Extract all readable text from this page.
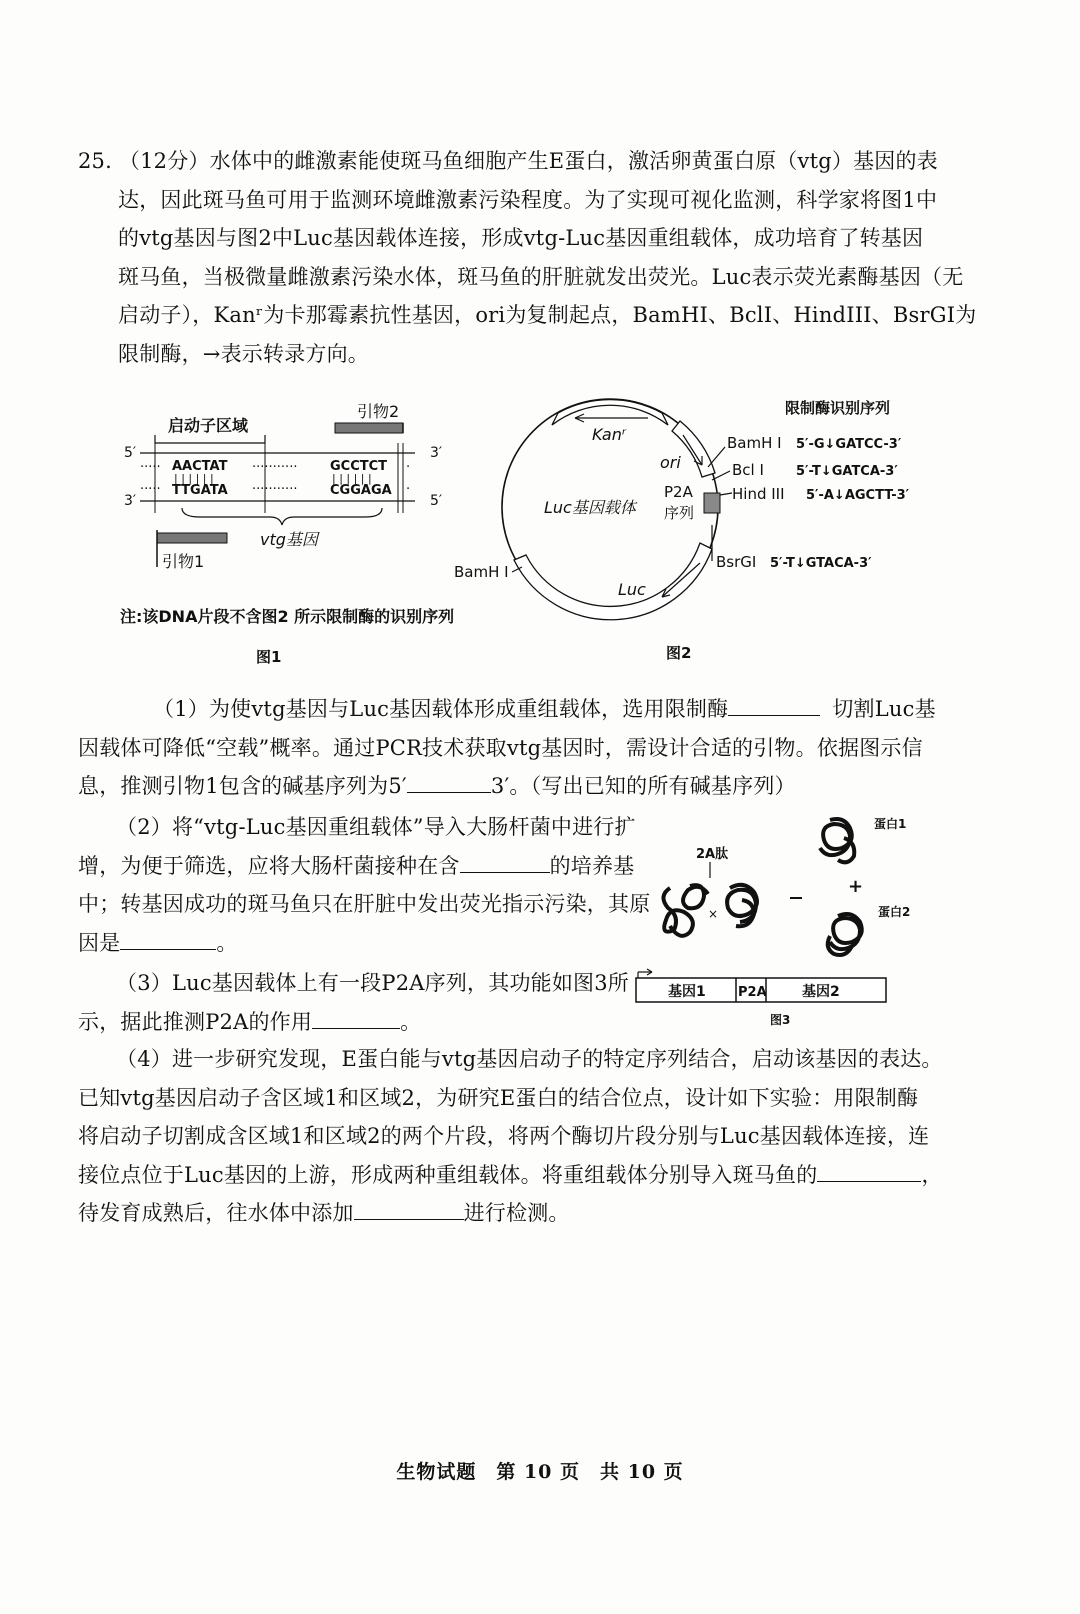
25. （12分）水体中的雌激素能使斑马鱼细胞产生E蛋白，激活卵黄蛋白原（vtg）基因的表
达，因此斑马鱼可用于监测环境雌激素污染程度。为了实现可视化监测，科学家将图1中
的vtg基因与图2中Luc基因载体连接，形成vtg-Luc基因重组载体，成功培育了转基因
斑马鱼，当极微量雌激素污染水体，斑马鱼的肝脏就发出荧光。Luc表示荧光素酶基因（无
启动子），Kanʳ为卡那霉素抗性基因，ori为复制起点，BamHI、BclI、HindIII、BsrGI为
限制酶，→表示转录方向。
启动子区域
引物2
5′
3′
3′
5′
·····
·····
AACTAT
| | | | | |
TTGATA
···········
···········
GCCTCT
| | | | | |
CGGAGA
·
·
vtg基因
引物1
注:该DNA片段不含图2 所示限制酶的识别序列
图1
Kanʳ
ori
Luc基因载体
P2A
序列
Luc
BamH I
限制酶识别序列
BamH I 5′-G↓GATCC-3′
Bcl I 5′-T↓GATCA-3′
Hind III 5′-A↓AGCTT-3′
BsrGI 5′-T↓GTACA-3′
图2
（1）为使vtg基因与Luc基因载体形成重组载体，选用限制酶	切割Luc基
因载体可降低“空载”概率。通过PCR技术获取vtg基因时，需设计合适的引物。依据图示信
息，推测引物1包含的碱基序列为5′	3′。（写出已知的所有碱基序列）
（2）将“vtg-Luc基因重组载体”导入大肠杆菌中进行扩
增，为便于筛选，应将大肠杆菌接种在含	的培养基
中；转基因成功的斑马鱼只在肝脏中发出荧光指示污染，其原
因是	。
（3）Luc基因载体上有一段P2A序列，其功能如图3所
示，据此推测P2A的作用	。
2A肽
×
+
蛋白1
蛋白2
基因1 P2A	基因2
图3
（4）进一步研究发现，E蛋白能与vtg基因启动子的特定序列结合，启动该基因的表达。
已知vtg基因启动子含区域1和区域2，为研究E蛋白的结合位点，设计如下实验：用限制酶
将启动子切割成含区域1和区域2的两个片段，将两个酶切片段分别与Luc基因载体连接，连
接位点位于Luc基因的上游，形成两种重组载体。将重组载体分别导入斑马鱼的	，
待发育成熟后，往水体中添加	进行检测。
生物试题　第 10 页　共 10 页
